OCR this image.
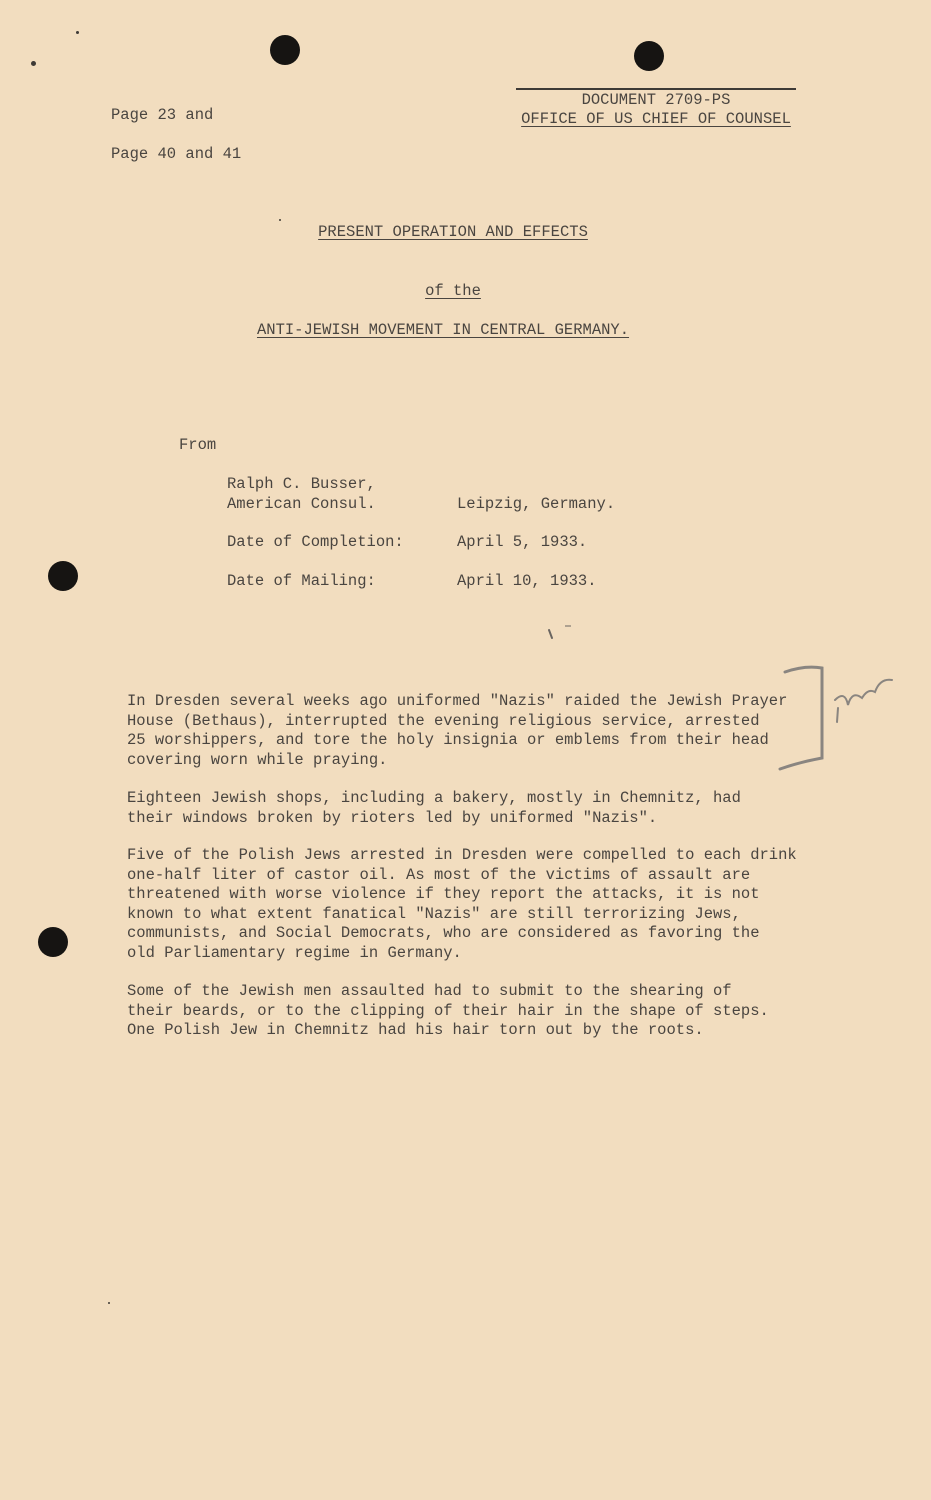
DOCUMENT 2709-PS
OFFICE OF US CHIEF OF COUNSEL
Page 23 and
Page 40 and 41
PRESENT OPERATION AND EFFECTS
of the
ANTI-JEWISH MOVEMENT IN CENTRAL GERMANY.
From
Ralph C. Busser,
American Consul.	Leipzig, Germany.
Date of Completion:	April 5, 1933.
Date of Mailing:	April 10, 1933.
In Dresden several weeks ago uniformed "Nazis" raided the Jewish Prayer
House (Bethaus), interrupted the evening religious service, arrested
25 worshippers, and tore the holy insignia or emblems from their head
covering worn while praying.
Eighteen Jewish shops, including a bakery, mostly in Chemnitz, had
their windows broken by rioters led by uniformed "Nazis".
Five of the Polish Jews arrested in Dresden were compelled to each drink
one-half liter of castor oil. As most of the victims of assault are
threatened with worse violence if they report the attacks, it is not
known to what extent fanatical "Nazis" are still terrorizing Jews,
communists, and Social Democrats, who are considered as favoring the
old Parliamentary regime in Germany.
Some of the Jewish men assaulted had to submit to the shearing of
their beards, or to the clipping of their hair in the shape of steps.
One Polish Jew in Chemnitz had his hair torn out by the roots.
